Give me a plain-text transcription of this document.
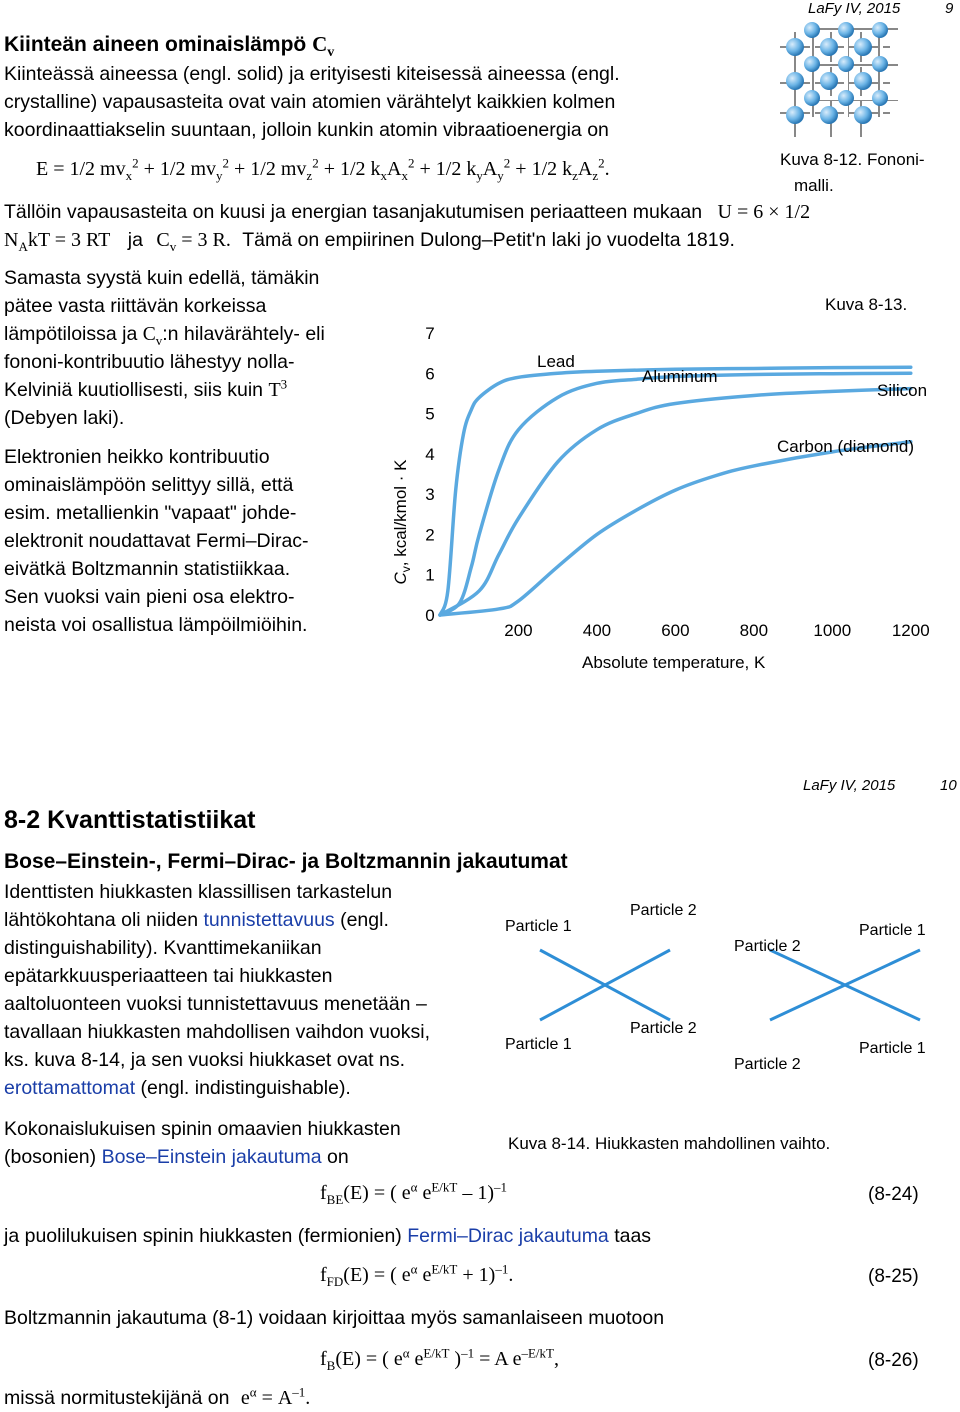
LaFy IV, 2015	9
Kiinteän aineen ominaislämpö $C_v$
Kiinteässä aineessa (engl. solid) ja erityisesti kiteisessä aineessa (engl.
crystalline) vapausasteita ovat vain atomien värähtelyt kaikkien kolmen
koordinaattiakselin suuntaan, jolloin kunkin atomin vibraatioenergia on
E = 1/2 $mv_x^2 + 1/2$ $mv_y^2 + 1/2$ $mv_z^2 + 1/2$ $k_xA_x^2 + 1/2$ $k_yA_y^2 + 1/2$ $k_zA_z^2$.	Kuva 8-12. Fononi-
malli.
Tällöin vapausasteita on kuusi ja energian tasanjakutumisen periaatteen mukaan U = 6 × 1/2
$N_AkT = 3$ RT ja $C_v = 3$ R. Tämä on empiirinen Dulong–Petit'n laki jo vuodelta 1819.
Samasta syystä kuin edellä, tämäkin
pätee vasta riittävän korkeissa
lämpötiloissa ja $C_v:n$ hilavärähtely- eli
fononi-kontribuutio lähestyy nolla-
Kelviniä kuutiollisesti, siis kuin $T^3$
(Debyen laki).
Elektronien heikko kontribuutio
ominaislämpöön selittyy sillä, että
esim. metallienkin "vapaat" johde-
elektronit noudattavat Fermi–Dirac-
eivätkä Boltzmannin statistiikkaa.
Sen vuoksi vain pieni osa elektro-
neista voi osallistua lämpöilmiöihin.
Kuva 8-13.
Absolute temperature, K
$C_v$, kcal/kmol · K
0
1
2
3
4
5
6
7
200	400	600	800	1000 1200
Lead
Aluminum
Silicon
Carbon (diamond)
LaFy IV, 2015	10
8-2 Kvanttistatistiikat
Bose–Einstein-, Fermi–Dirac- ja Boltzmannin jakautumat
Identtisten hiukkasten klassillisen tarkastelun
lähtökohtana oli niiden tunnistettavuus (engl.
distinguishability). Kvanttimekaniikan
epätarkkuusperiaatteen tai hiukkasten
aaltoluonteen vuoksi tunnistettavuus menetään –
tavallaan hiukkasten mahdollisen vaihdon vuoksi,
ks. kuva 8-14, ja sen vuoksi hiukkaset ovat ns.
erottamattomat (engl. indistinguishable).
Particle 1
Particle 2
Particle 2
Particle 1
Particle 1
Particle 2
Particle 2
Particle 1
Kuva 8-14. Hiukkasten mahdollinen vaihto.
Kokonaislukuisen spinin omaavien hiukkasten
(bosonien) Bose–Einstein jakautuma on
$f_{BE}(E)$ = ( $e^\alpha$ $e^{E/kT} - 1)^{-1}$	(8-24)
ja puolilukuisen spinin hiukkasten (fermionien) Fermi–Dirac jakautuma taas
$f_{FD}(E)$ = ( $e^\alpha$ $e^{E/kT} + 1)^{-1}$.	(8-25)
Boltzmannin jakautuma (8-1) voidaan kirjoittaa myös samanlaiseen muotoon
$f_B(E)$ = ( $e^\alpha$ $e^{E/kT}$ )$^{-1}$ = A $e^{-E/kT}$,	(8-26)
missä normitustekijänä on $e^\alpha = A^{-1}$.
